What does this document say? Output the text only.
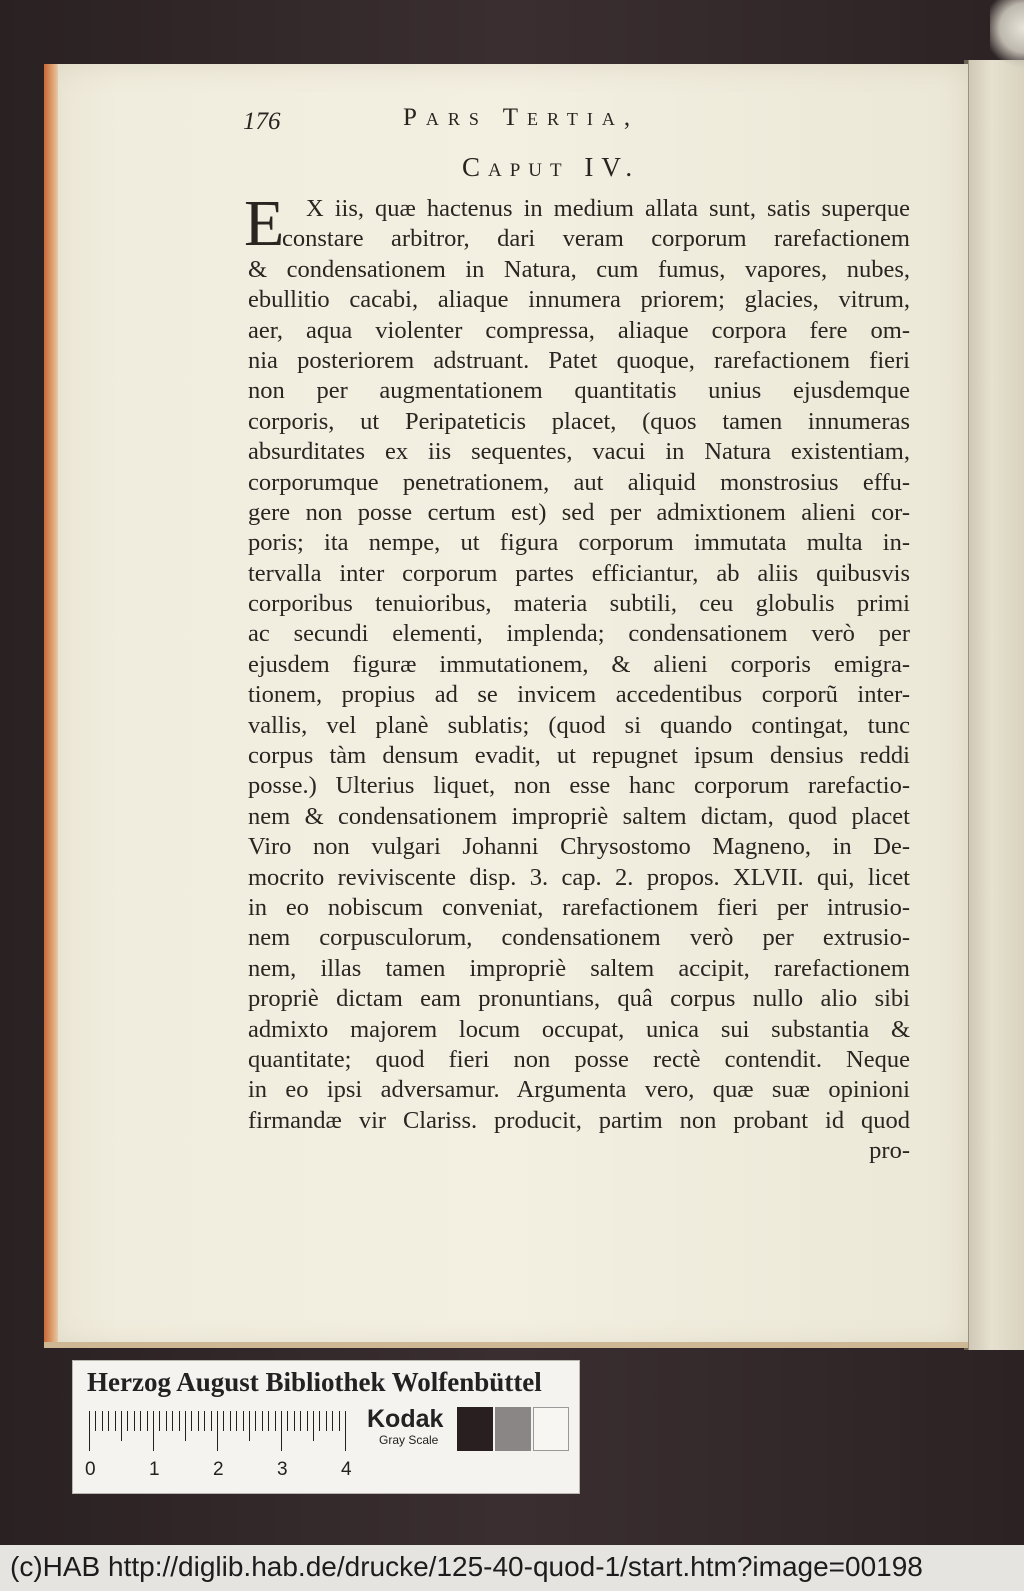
176	Pars Tertia,
Caput IV.
E X iis, quæ hactenus in medium allata sunt, satis superque
constare arbitror, dari veram corporum rarefactionem
& condensationem in Natura, cum fumus, vapores, nubes,
ebullitio cacabi, aliaque innumera priorem; glacies, vitrum,
aer, aqua violenter compressa, aliaque corpora fere om-
nia posteriorem adstruant. Patet quoque, rarefactionem fieri
non per augmentationem quantitatis unius ejusdemque
corporis, ut Peripateticis placet, (quos tamen innumeras
absurditates ex iis sequentes, vacui in Natura existentiam,
corporumque penetrationem, aut aliquid monstrosius effu-
gere non posse certum est) sed per admixtionem alieni cor-
poris; ita nempe, ut figura corporum immutata multa in-
tervalla inter corporum partes efficiantur, ab aliis quibusvis
corporibus tenuioribus, materia subtili, ceu globulis primi
ac secundi elementi, implenda; condensationem verò per
ejusdem figuræ immutationem, & alieni corporis emigra-
tionem, propius ad se invicem accedentibus corporũ inter-
vallis, vel planè sublatis; (quod si quando contingat, tunc
corpus tàm densum evadit, ut repugnet ipsum densius reddi
posse.) Ulterius liquet, non esse hanc corporum rarefactio-
nem & condensationem impropriè saltem dictam, quod placet
Viro non vulgari Johanni Chrysostomo Magneno, in De-
mocrito reviviscente disp. 3. cap. 2. propos. XLVII. qui, licet
in eo nobiscum conveniat, rarefactionem fieri per intrusio-
nem corpusculorum, condensationem verò per extrusio-
nem, illas tamen impropriè saltem accipit, rarefactionem
propriè dictam eam pronuntians, quâ corpus nullo alio sibi
admixto majorem locum occupat, unica sui substantia &
quantitate; quod fieri non posse rectè contendit. Neque
in eo ipsi adversamur. Argumenta vero, quæ suæ opinioni
firmandæ vir Clariss. producit, partim non probant id quod
pro-
Herzog August Bibliothek Wolfenbüttel
0	1	2	3	4
Kodak
Gray Scale
(c)HAB http://diglib.hab.de/drucke/125-40-quod-1/start.htm?image=00198
